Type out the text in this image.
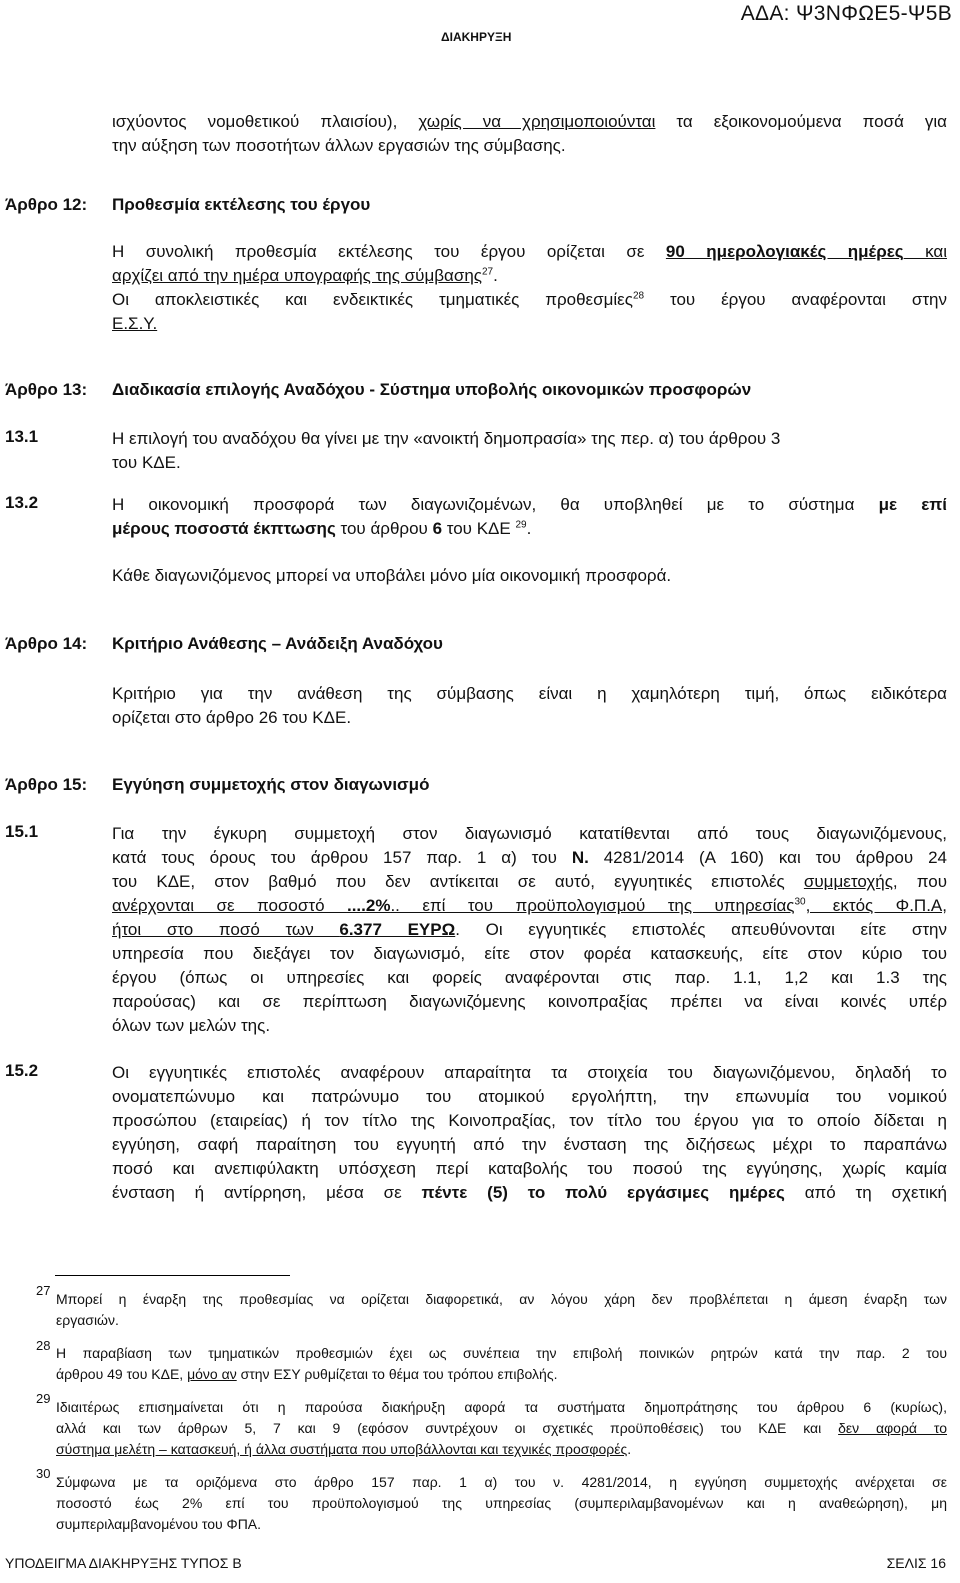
ΑΔΑ: Ψ3ΝΦΩΕ5-Ψ5Β
ΔΙΑΚΗΡΥΞΗ
ισχύοντος νομοθετικού πλαισίου), χωρίς να χρησιμοποιούνται τα εξοικονομούμενα ποσά για
την αύξηση των ποσοτήτων άλλων εργασιών της σύμβασης.
Άρθρο 12: Προθεσμία εκτέλεσης του έργου
Η συνολική προθεσμία εκτέλεσης του έργου ορίζεται σε 90 ημερολογιακές ημέρες και
αρχίζει από την ημέρα υπογραφής της σύμβασης$^{27}$.
Οι αποκλειστικές και ενδεικτικές τμηματικές προθεσμίες$^{28}$ του έργου αναφέρονται στην
Ε.Σ.Υ.
Άρθρο 13: Διαδικασία επιλογής Αναδόχου - Σύστημα υποβολής οικονομικών προσφορών
13.1	Η επιλογή του αναδόχου θα γίνει με την «ανοικτή δημοπρασία» της περ. α) του άρθρου 3
του ΚΔΕ.
13.2	Η οικονομική προσφορά των διαγωνιζομένων, θα υποβληθεί με το σύστημα με επί
μέρους ποσοστά έκπτωσης του άρθρου 6 του ΚΔΕ $^{29}$.
Κάθε διαγωνιζόμενος μπορεί να υποβάλει μόνο μία οικονομική προσφορά.
Άρθρο 14: Κριτήριο Ανάθεσης – Ανάδειξη Αναδόχου
Κριτήριο για την ανάθεση της σύμβασης είναι η χαμηλότερη τιμή, όπως ειδικότερα
ορίζεται στο άρθρο 26 του ΚΔΕ.
Άρθρο 15: Εγγύηση συμμετοχής στον διαγωνισμό
15.1	Για την έγκυρη συμμετοχή στον διαγωνισμό κατατίθενται από τους διαγωνιζόμενους,
κατά τους όρους του άρθρου 157 παρ. 1 α) του Ν. 4281/2014 (Α 160) και του άρθρου 24
του ΚΔΕ, στον βαθμό που δεν αντίκειται σε αυτό, εγγυητικές επιστολές συμμετοχής, που
ανέρχονται σε ποσοστό ....2%.. επί του προϋπολογισμού της υπηρεσίας$^{30}$, εκτός Φ.Π.Α,
ήτοι στο ποσό των 6.377 ΕΥΡΩ. Οι εγγυητικές επιστολές απευθύνονται είτε στην
υπηρεσία που διεξάγει τον διαγωνισμό, είτε στον φορέα κατασκευής, είτε στον κύριο του
έργου (όπως οι υπηρεσίες και φορείς αναφέρονται στις παρ. 1.1, 1,2 και 1.3 της
παρούσας) και σε περίπτωση διαγωνιζόμενης κοινοπραξίας πρέπει να είναι κοινές υπέρ
όλων των μελών της.
15.2	Οι εγγυητικές επιστολές αναφέρουν απαραίτητα τα στοιχεία του διαγωνιζόμενου, δηλαδή το
ονοματεπώνυμο και πατρώνυμο του ατομικού εργολήπτη, την επωνυμία του νομικού
προσώπου (εταιρείας) ή τον τίτλο της Κοινοπραξίας, τον τίτλο του έργου για το οποίο δίδεται η
εγγύηση, σαφή παραίτηση του εγγυητή από την ένσταση της διζήσεως μέχρι το παραπάνω
ποσό και ανεπιφύλακτη υπόσχεση περί καταβολής του ποσού της εγγύησης, χωρίς καμία
ένσταση ή αντίρρηση, μέσα σε πέντε (5) το πολύ εργάσιμες ημέρες από τη σχετική
27
Μπορεί η έναρξη της προθεσμίας να ορίζεται διαφορετικά, αν λόγου χάρη δεν προβλέπεται η άμεση έναρξη των
εργασιών.
28 Η παραβίαση των τμηματικών προθεσμιών έχει ως συνέπεια την επιβολή ποινικών ρητρών κατά την παρ. 2 του
άρθρου 49 του ΚΔΕ, μόνο αν στην ΕΣΥ ρυθμίζεται το θέμα του τρόπου επιβολής.
29
Ιδιαιτέρως επισημαίνεται ότι η παρούσα διακήρυξη αφορά τα συστήματα δημοπράτησης του άρθρου 6 (κυρίως),
αλλά και των άρθρων 5, 7 και 9 (εφόσον συντρέχουν οι σχετικές προϋποθέσεις) του ΚΔΕ και δεν αφορά το
σύστημα μελέτη – κατασκευή, ή άλλα συστήματα που υποβάλλονται και τεχνικές προσφορές.
30
Σύμφωνα με τα οριζόμενα στο άρθρο 157 παρ. 1 α) του ν. 4281/2014, η εγγύηση συμμετοχής ανέρχεται σε
ποσοστό έως 2% επί του προϋπολογισμού της υπηρεσίας (συμπεριλαμβανομένων και η αναθεώρηση), μη
συμπεριλαμβανομένου του ΦΠΑ.
ΥΠΟΔΕΙΓΜΑ ΔΙΑΚΗΡΥΞΗΣ ΤΥΠΟΣ Β	ΣΕΛΙΣ 16
